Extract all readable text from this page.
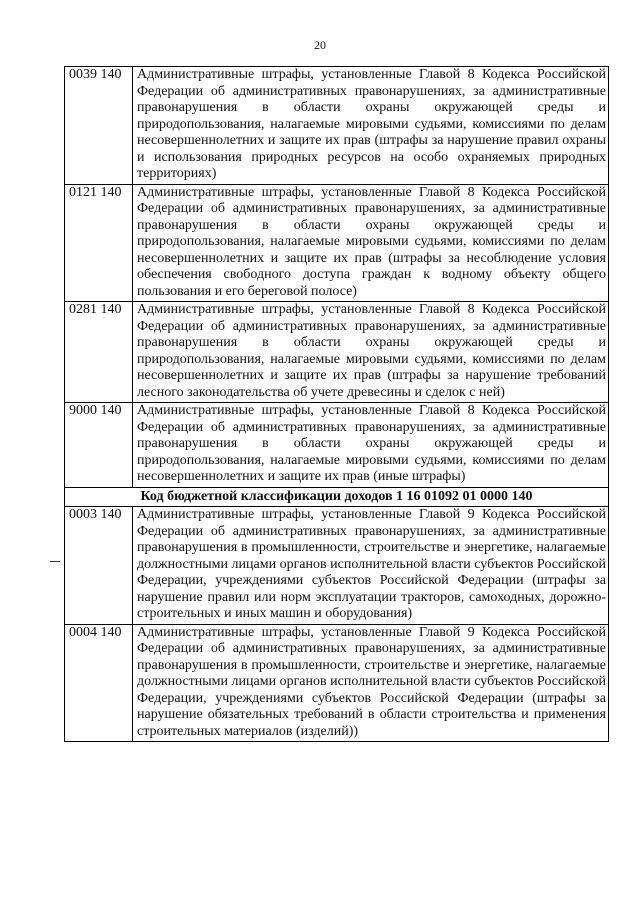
20
0039 140	Административные штрафы, установленные Главой 8 Кодекса Российской Федерации об административных правонарушениях, за административные правонарушения в области охраны окружающей среды и природопользования, налагаемые мировыми судьями, комиссиями по делам несовершеннолетних и защите их прав (штрафы за нарушение правил охраны и использования природных ресурсов на особо охраняемых природных территориях)
0121 140	Административные штрафы, установленные Главой 8 Кодекса Российской Федерации об административных правонарушениях, за административные правонарушения в области охраны окружающей среды и природопользования, налагаемые мировыми судьями, комиссиями по делам несовершеннолетних и защите их прав (штрафы за несоблюдение условия обеспечения свободного доступа граждан к водному объекту общего пользования и его береговой полосе)
0281 140	Административные штрафы, установленные Главой 8 Кодекса Российской Федерации об административных правонарушениях, за административные правонарушения в области охраны окружающей среды и природопользования, налагаемые мировыми судьями, комиссиями по делам несовершеннолетних и защите их прав (штрафы за нарушение требований лесного законодательства об учете древесины и сделок с ней)
9000 140	Административные штрафы, установленные Главой 8 Кодекса Российской Федерации об административных правонарушениях, за административные правонарушения в области охраны окружающей среды и природопользования, налагаемые мировыми судьями, комиссиями по делам несовершеннолетних и защите их прав (иные штрафы)
Код бюджетной классификации доходов 1 16 01092 01 0000 140	
0003 140	Административные штрафы, установленные Главой 9 Кодекса Российской Федерации об административных правонарушениях, за административные правонарушения в промышленности, строительстве и энергетике, налагаемые должностными лицами органов исполнительной власти субъектов Российской Федерации, учреждениями субъектов Российской Федерации (штрафы за нарушение правил или норм эксплуатации тракторов, самоходных, дорожно-строительных и иных машин и оборудования)
0004 140	Административные штрафы, установленные Главой 9 Кодекса Российской Федерации об административных правонарушениях, за административные правонарушения в промышленности, строительстве и энергетике, налагаемые должностными лицами органов исполнительной власти субъектов Российской Федерации, учреждениями субъектов Российской Федерации (штрафы за нарушение обязательных требований в области строительства и применения строительных материалов (изделий))
